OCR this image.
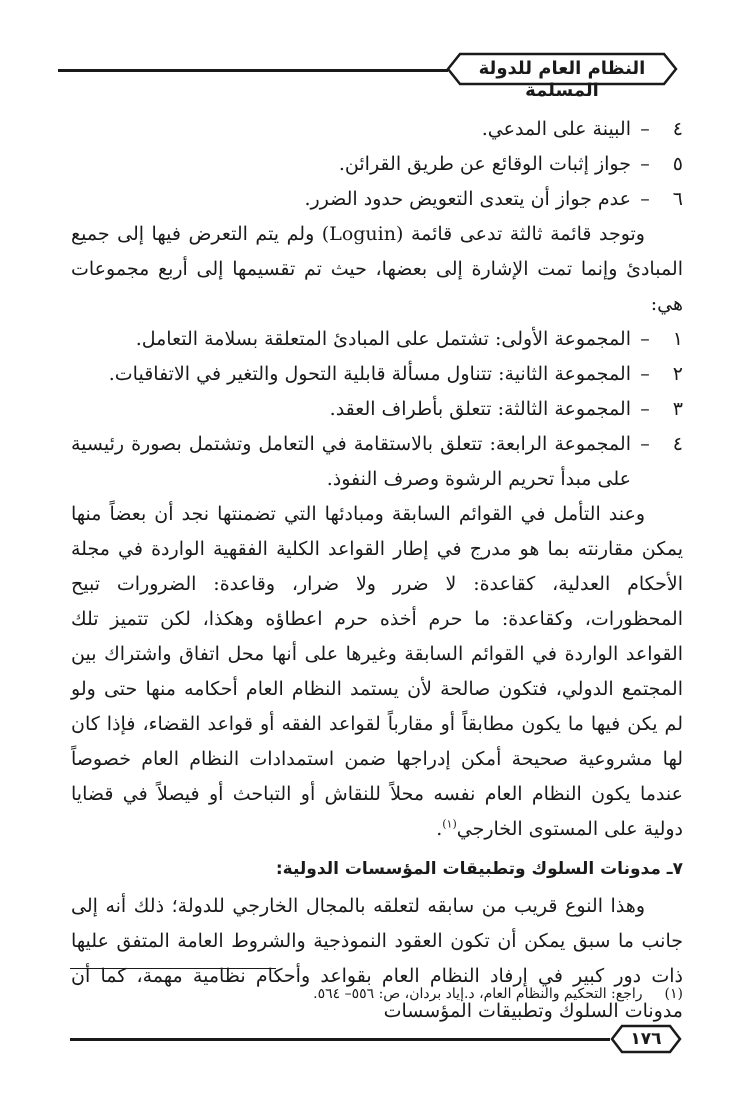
النظام العام للدولة المسلمة
٤
–
البينة على المدعي.
٥
–
جواز إثبات الوقائع عن طريق القرائن.
٦
–
عدم جواز أن يتعدى التعويض حدود الضرر.

وتوجد قائمة ثالثة تدعى قائمة (Loguin) ولم يتم التعرض فيها إلى جميع المبادئ وإنما تمت الإشارة إلى بعضها، حيث تم تقسيمها إلى أربع مجموعات هي:

١
–
المجموعة الأولى: تشتمل على المبادئ المتعلقة بسلامة التعامل.
٢
–
المجموعة الثانية: تتناول مسألة قابلية التحول والتغير في الاتفاقيات.
٣
–
المجموعة الثالثة: تتعلق بأطراف العقد.
٤
–
المجموعة الرابعة: تتعلق بالاستقامة في التعامل وتشتمل بصورة رئيسية على مبدأ تحريم الرشوة وصرف النفوذ.

وعند التأمل في القوائم السابقة ومبادئها التي تضمنتها نجد أن بعضاً منها يمكن مقارنته بما هو مدرج في إطار القواعد الكلية الفقهية الواردة في مجلة الأحكام العدلية، كقاعدة: لا ضرر ولا ضرار، وقاعدة: الضرورات تبيح المحظورات، وكقاعدة: ما حرم أخذه حرم اعطاؤه وهكذا، لكن تتميز تلك القواعد الواردة في القوائم السابقة وغيرها على أنها محل اتفاق واشتراك بين المجتمع الدولي، فتكون صالحة لأن يستمد النظام العام أحكامه منها حتى ولو لم يكن فيها ما يكون مطابقاً أو مقارباً لقواعد الفقه أو قواعد القضاء، فإذا كان لها مشروعية صحيحة أمكن إدراجها ضمن استمدادات النظام العام خصوصاً عندما يكون النظام العام نفسه محلاً للنقاش أو التباحث أو فيصلاً في قضايا دولية على المستوى الخارجي$^{(١)}$.

٧ـ مدونات السلوك وتطبيقات المؤسسات الدولية:

وهذا النوع قريب من سابقه لتعلقه بالمجال الخارجي للدولة؛ ذلك أنه إلى جانب ما سبق يمكن أن تكون العقود النموذجية والشروط العامة المتفق عليها ذات دور كبير في إرفاد النظام العام بقواعد وأحكام نظامية مهمة، كما أن مدونات السلوك وتطبيقات المؤسسات

(١) راجع: التحكيم والنظام العام، د.إياد بردان، ص: ٥٥٦– ٥٦٤.
١٧٦
